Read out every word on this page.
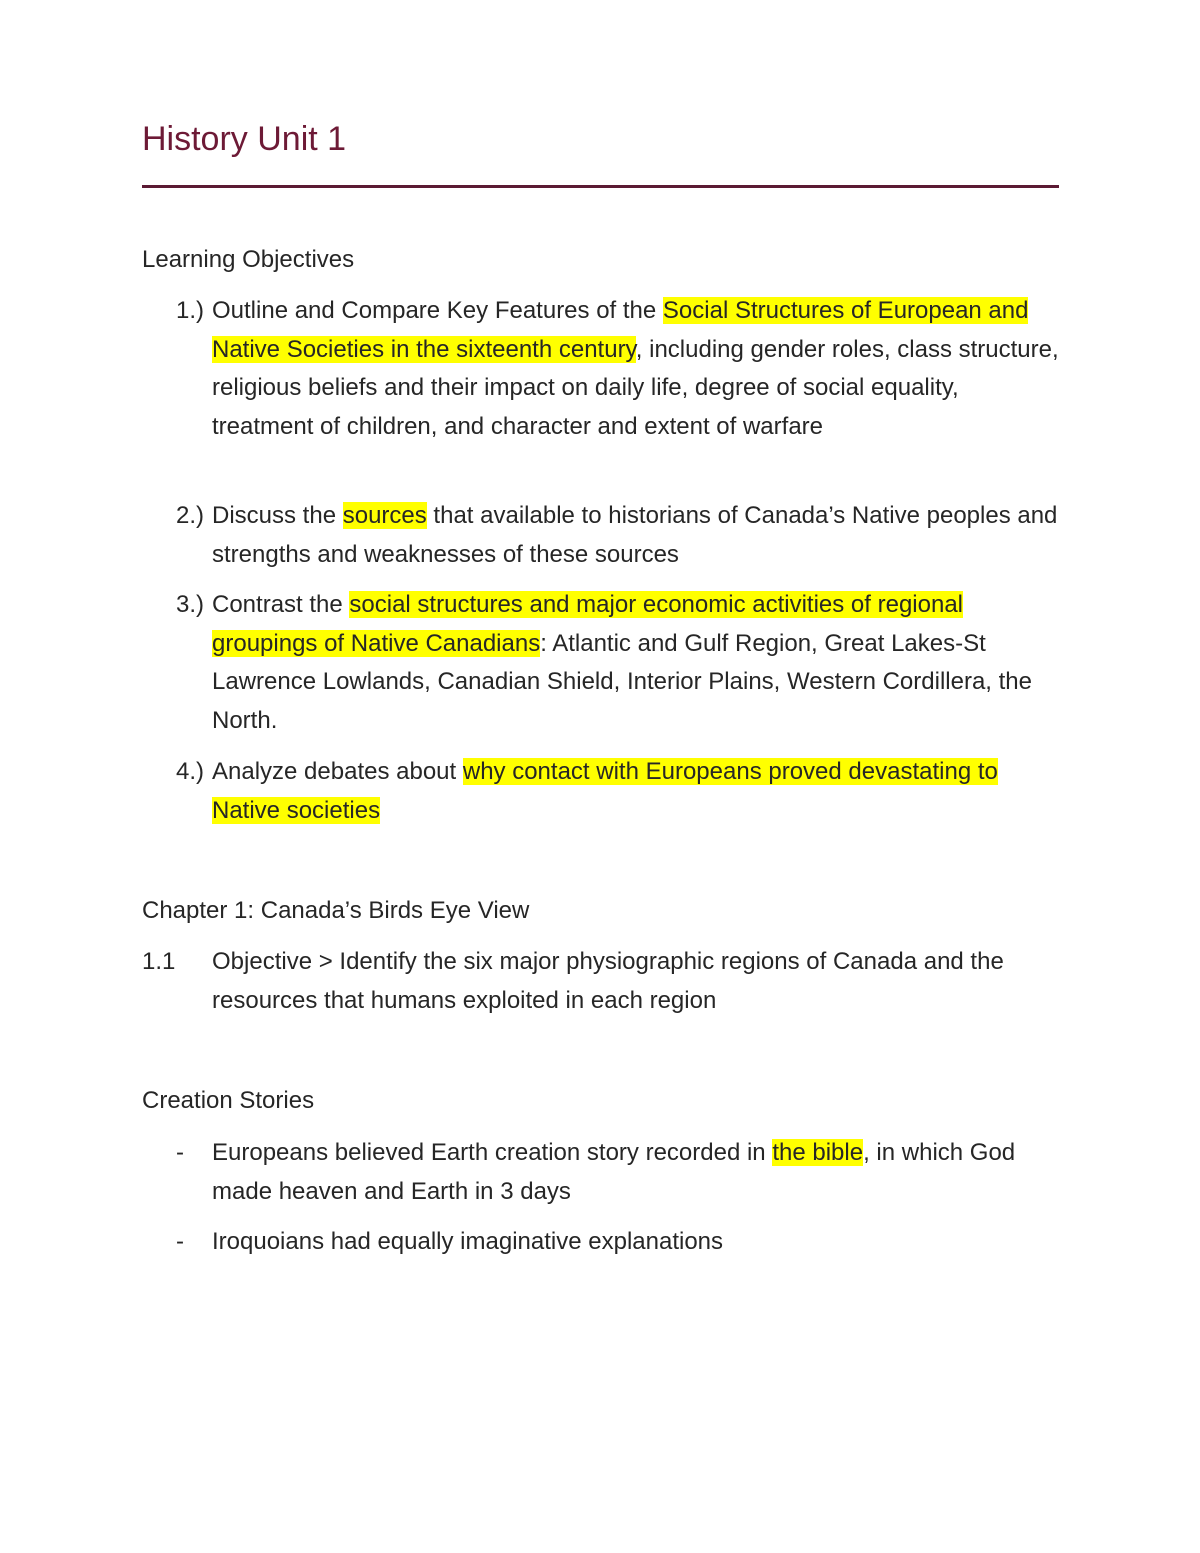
History Unit 1
Learning Objectives
1.) Outline and Compare Key Features of the Social Structures of European and Native Societies in the sixteenth century, including gender roles, class structure, religious beliefs and their impact on daily life, degree of social equality, treatment of children, and character and extent of warfare
2.) Discuss the sources that available to historians of Canada’s Native peoples and strengths and weaknesses of these sources
3.) Contrast the social structures and major economic activities of regional groupings of Native Canadians: Atlantic and Gulf Region, Great Lakes-St Lawrence Lowlands, Canadian Shield, Interior Plains, Western Cordillera, the North.
4.) Analyze debates about why contact with Europeans proved devastating to Native societies
Chapter 1: Canada’s Birds Eye View
1.1 Objective > Identify the six major physiographic regions of Canada and the resources that humans exploited in each region
Creation Stories
- Europeans believed Earth creation story recorded in the bible, in which God made heaven and Earth in 3 days
- Iroquoians had equally imaginative explanations
